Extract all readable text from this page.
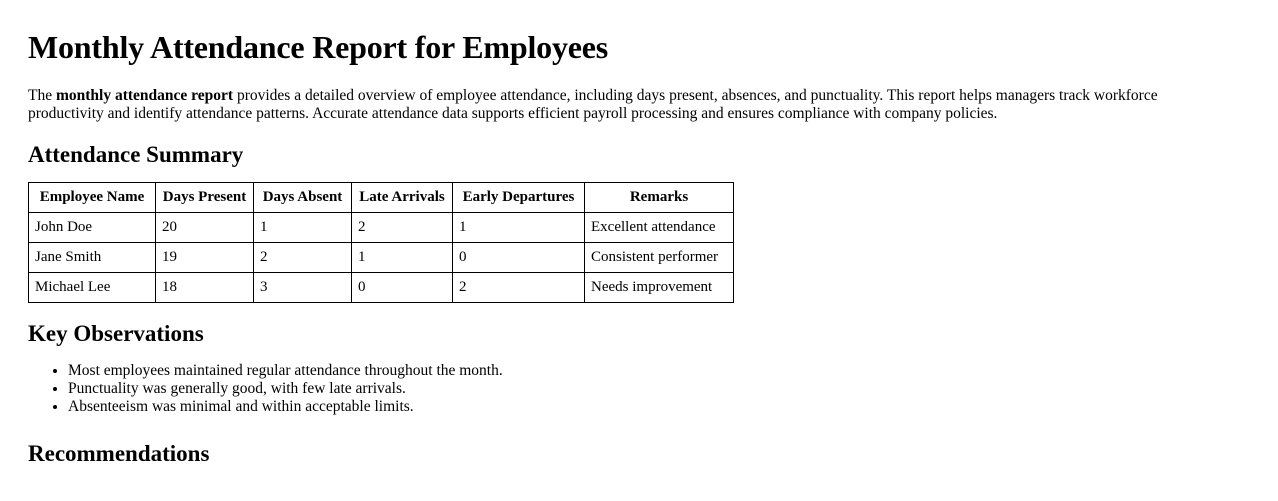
Monthly Attendance Report for Employees

The monthly attendance report provides a detailed overview of employee attendance, including days present, absences, and punctuality. This report helps managers track workforce productivity and identify attendance patterns. Accurate attendance data supports efficient payroll processing and ensures compliance with company policies.

Attendance Summary
Employee Name	Days Present	Days Absent	Late Arrivals	Early Departures	Remarks
John Doe	20	1	2	1	Excellent attendance
Jane Smith	19	2	1	0	Consistent performer
Michael Lee	18	3	0	2	Needs improvement
Key Observations
• Most employees maintained regular attendance throughout the month.
• Punctuality was generally good, with few late arrivals.
• Absenteeism was minimal and within acceptable limits.
Recommendations
